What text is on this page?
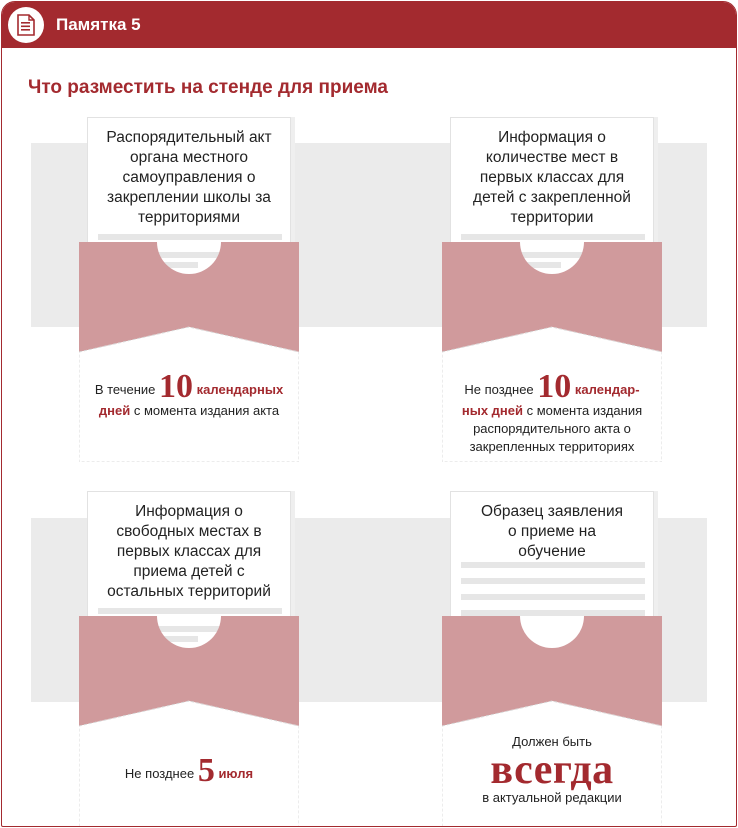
Памятка 5
Что разместить на стенде для приема
Распорядительный акт органа местного самоуправления о закреплении школы за территориями
В течение 10 календарных дней с момента издания акта
Информация о количестве мест в первых классах для детей с закрепленной территории
Не позднее 10 календар- ных дней с момента издания распорядительного акта о закрепленных территориях
Информация о свободных местах в первых классах для приема детей с остальных территорий
Не позднее 5 июля
Образец заявления о приеме на обучение
Должен быть
всегда
в актуальной редакции
